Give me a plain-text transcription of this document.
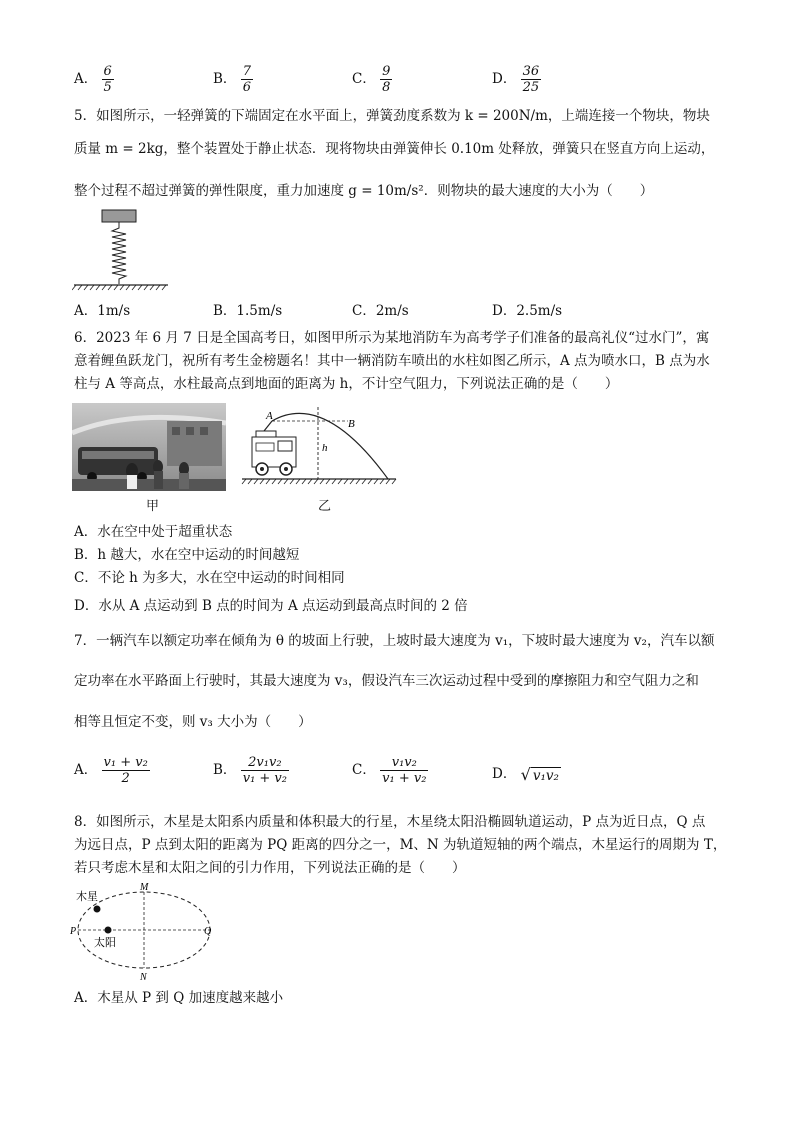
A． $\frac{6}{5}$	B． $\frac{7}{6}$	C． $\frac{9}{8}$	D． $\frac{36}{25}$
5．如图所示，一轻弹簧的下端固定在水平面上，弹簧劲度系数为 k = 200N/m，上端连接一个物块，物块
质量 m = 2kg，整个装置处于静止状态．现将物块由弹簧伸长 0.10m 处释放，弹簧只在竖直方向上运动，
整个过程不超过弹簧的弹性限度，重力加速度 g = 10m/s²．则物块的最大速度的大小为（　　）
A．1m/s	B．1.5m/s	C．2m/s	D．2.5m/s
6．2023 年 6 月 7 日是全国高考日，如图甲所示为某地消防车为高考学子们准备的最高礼仪“过水门”，寓
意着鲤鱼跃龙门，祝所有考生金榜题名！其中一辆消防车喷出的水柱如图乙所示，A 点为喷水口，B 点为水
柱与 A 等高点，水柱最高点到地面的距离为 h，不计空气阻力，下列说法正确的是（　　）
甲
A
B
h
乙
A．水在空中处于超重状态
B．h 越大，水在空中运动的时间越短
C．不论 h 为多大，水在空中运动的时间相同
D．水从 A 点运动到 B 点的时间为 A 点运动到最高点时间的 2 倍
7．一辆汽车以额定功率在倾角为 θ 的坡面上行驶，上坡时最大速度为 v₁，下坡时最大速度为 v₂，汽车以额
定功率在水平路面上行驶时，其最大速度为 v₃，假设汽车三次运动过程中受到的摩擦阻力和空气阻力之和
相等且恒定不变，则 v₃ 大小为（　　）
A． $\frac{\text{v₁ + v₂}}{2}$	B． $\frac{\text{2v₁v₂}}{\text{v₁ + v₂}}$	C． $\frac{\text{v₁v₂}}{\text{v₁ + v₂}}$	D． √ v₁v₂
8．如图所示，木星是太阳系内质量和体积最大的行星，木星绕太阳沿椭圆轨道运动，P 点为近日点，Q 点
为远日点，P 点到太阳的距离为 PQ 距离的四分之一，M、N 为轨道短轴的两个端点，木星运行的周期为 T，
若只考虑木星和太阳之间的引力作用，下列说法正确的是（　　）
木星
太阳
M
N
P	Q
A．木星从 P 到 Q 加速度越来越小
